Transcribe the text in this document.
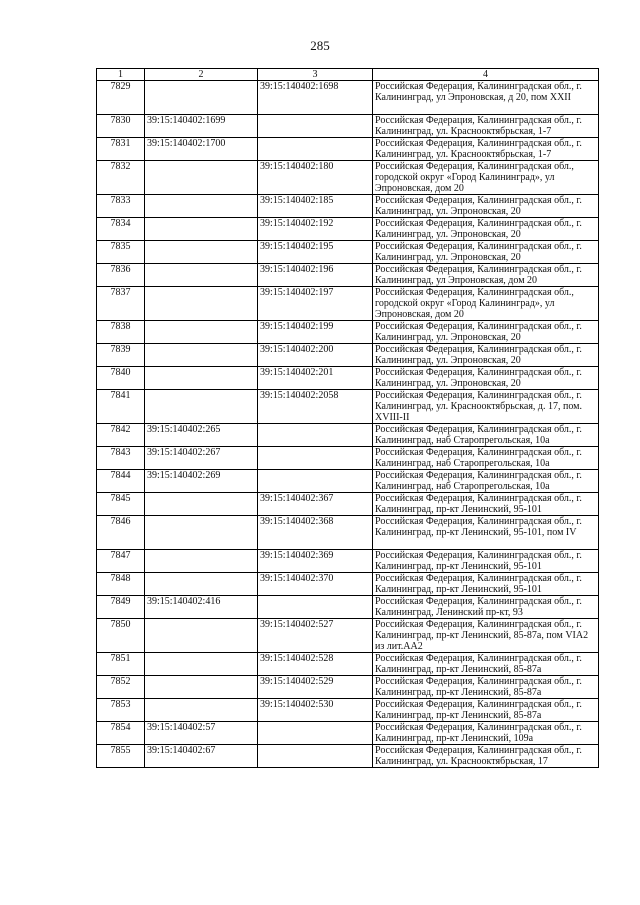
285
1	2	3	4
7829		39:15:140402:1698	Российская Федерация, Калининградская обл., г. Калининград, ул Эпроновская, д 20, пом XXII
7830	39:15:140402:1699		Российская Федерация, Калининградская обл., г. Калининград, ул. Краснооктябрьская, 1-7
7831	39:15:140402:1700		Российская Федерация, Калининградская обл., г. Калининград, ул. Краснооктябрьская, 1-7
7832		39:15:140402:180	Российская Федерация, Калининградская обл., городской округ «Город Калининград», ул Эпроновская, дом 20
7833		39:15:140402:185	Российская Федерация, Калининградская обл., г. Калининград, ул. Эпроновская, 20
7834		39:15:140402:192	Российская Федерация, Калининградская обл., г. Калининград, ул. Эпроновская, 20
7835		39:15:140402:195	Российская Федерация, Калининградская обл., г. Калининград, ул. Эпроновская, 20
7836		39:15:140402:196	Российская Федерация, Калининградская обл., г. Калининград, ул Эпроновская, дом 20
7837		39:15:140402:197	Российская Федерация, Калининградская обл., городской округ «Город Калининград», ул Эпроновская, дом 20
7838		39:15:140402:199	Российская Федерация, Калининградская обл., г. Калининград, ул. Эпроновская, 20
7839		39:15:140402:200	Российская Федерация, Калининградская обл., г. Калининград, ул. Эпроновская, 20
7840		39:15:140402:201	Российская Федерация, Калининградская обл., г. Калининград, ул. Эпроновская, 20
7841		39:15:140402:2058	Российская Федерация, Калининградская обл., г. Калининград, ул. Краснооктябрьская, д. 17, пом. XVIII-II
7842	39:15:140402:265		Российская Федерация, Калининградская обл., г. Калининград, наб Старопрегольская, 10а
7843	39:15:140402:267		Российская Федерация, Калининградская обл., г. Калининград, наб Старопрегольская, 10а
7844	39:15:140402:269		Российская Федерация, Калининградская обл., г. Калининград, наб Старопрегольская, 10а
7845		39:15:140402:367	Российская Федерация, Калининградская обл., г. Калининград, пр-кт Ленинский, 95-101
7846		39:15:140402:368	Российская Федерация, Калининградская обл., г. Калининград, пр-кт Ленинский, 95-101, пом IV
7847		39:15:140402:369	Российская Федерация, Калининградская обл., г. Калининград, пр-кт Ленинский, 95-101
7848		39:15:140402:370	Российская Федерация, Калининградская обл., г. Калининград, пр-кт Ленинский, 95-101
7849	39:15:140402:416		Российская Федерация, Калининградская обл., г. Калининград, Ленинский пр-кт, 93
7850		39:15:140402:527	Российская Федерация, Калининградская обл., г. Калининград, пр-кт Ленинский, 85-87а, пом VIA2 из лит.АА2
7851		39:15:140402:528	Российская Федерация, Калининградская обл., г. Калининград, пр-кт Ленинский, 85-87а
7852		39:15:140402:529	Российская Федерация, Калининградская обл., г. Калининград, пр-кт Ленинский, 85-87а
7853		39:15:140402:530	Российская Федерация, Калининградская обл., г. Калининград, пр-кт Ленинский, 85-87а
7854	39:15:140402:57		Российская Федерация, Калининградская обл., г. Калининград, пр-кт Ленинский, 109а
7855	39:15:140402:67		Российская Федерация, Калининградская обл., г. Калининград, ул. Краснооктябрьская, 17
